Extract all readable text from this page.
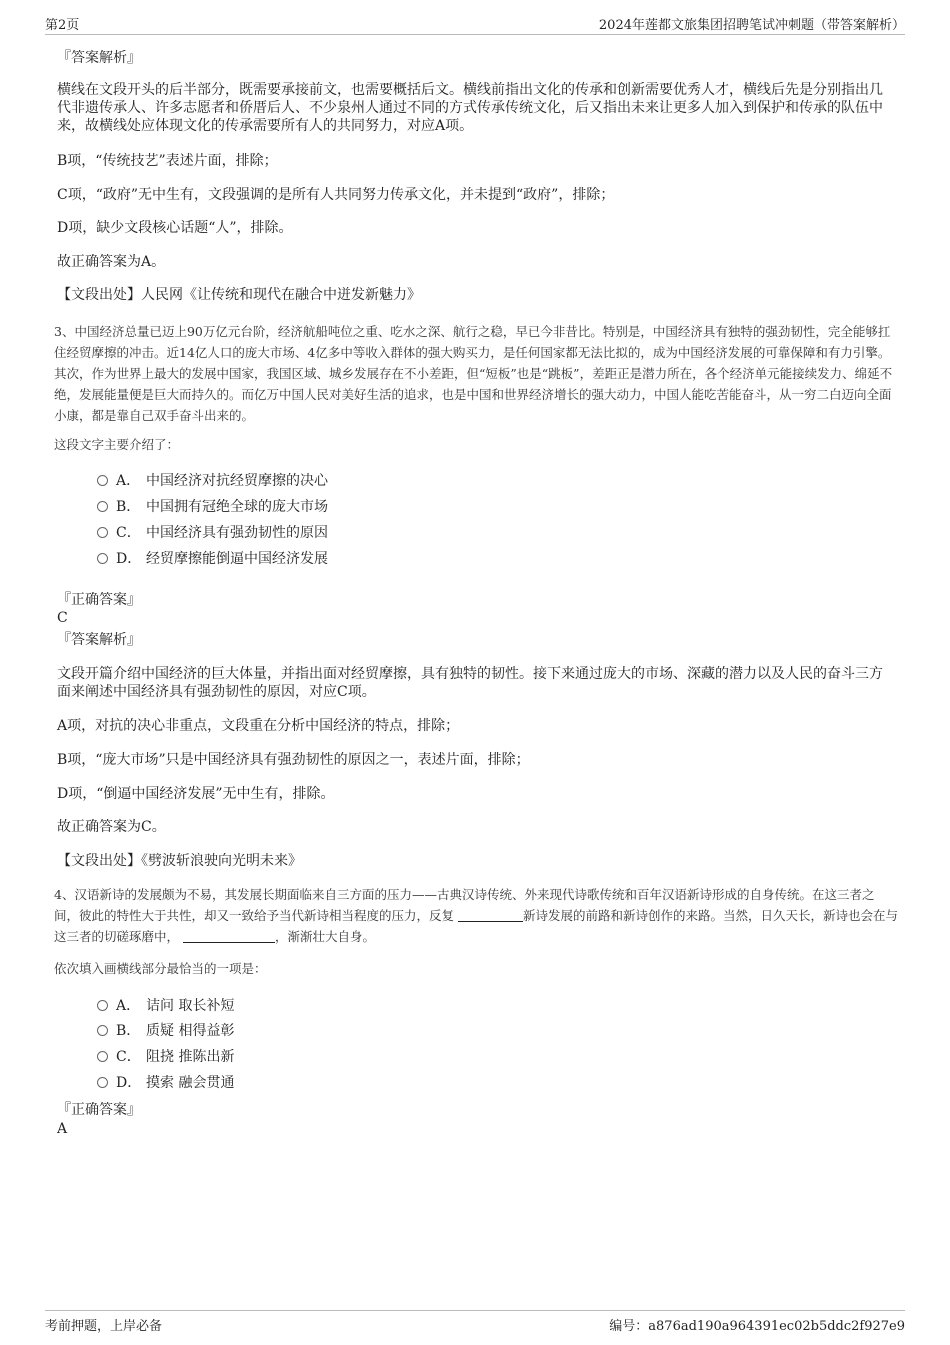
第2页	2024年莲都文旅集团招聘笔试冲刺题（带答案解析）
『答案解析』
横线在文段开头的后半部分，既需要承接前文，也需要概括后文。横线前指出文化的传承和创新需要优秀人才，横线后先是分别指出几代非遗传承人、许多志愿者和侨厝后人、不少泉州人通过不同的方式传承传统文化，后又指出未来让更多人加入到保护和传承的队伍中来，故横线处应体现文化的传承需要所有人的共同努力，对应A项。
B项，“传统技艺”表述片面，排除；
C项，“政府”无中生有，文段强调的是所有人共同努力传承文化，并未提到“政府”，排除；
D项，缺少文段核心话题“人”，排除。
故正确答案为A。
【文段出处】人民网《让传统和现代在融合中迸发新魅力》
3、中国经济总量已迈上90万亿元台阶，经济航船吨位之重、吃水之深、航行之稳，早已今非昔比。特别是，中国经济具有独特的强劲韧性，完全能够扛住经贸摩擦的冲击。近14亿人口的庞大市场、4亿多中等收入群体的强大购买力，是任何国家都无法比拟的，成为中国经济发展的可靠保障和有力引擎。其次，作为世界上最大的发展中国家，我国区域、城乡发展存在不小差距，但“短板”也是“跳板”，差距正是潜力所在，各个经济单元能接续发力、绵延不绝，发展能量便是巨大而持久的。而亿万中国人民对美好生活的追求，也是中国和世界经济增长的强大动力，中国人能吃苦能奋斗，从一穷二白迈向全面小康，都是靠自己双手奋斗出来的。
这段文字主要介绍了：
A． 中国经济对抗经贸摩擦的决心
B． 中国拥有冠绝全球的庞大市场
C． 中国经济具有强劲韧性的原因
D． 经贸摩擦能倒逼中国经济发展
『正确答案』
C
『答案解析』
文段开篇介绍中国经济的巨大体量，并指出面对经贸摩擦，具有独特的韧性。接下来通过庞大的市场、深藏的潜力以及人民的奋斗三方面来阐述中国经济具有强劲韧性的原因，对应C项。
A项，对抗的决心非重点，文段重在分析中国经济的特点，排除；
B项，“庞大市场”只是中国经济具有强劲韧性的原因之一，表述片面，排除；
D项，“倒逼中国经济发展”无中生有，排除。
故正确答案为C。
【文段出处】《劈波斩浪驶向光明未来》
4、汉语新诗的发展颇为不易，其发展长期面临来自三方面的压力——古典汉诗传统、外来现代诗歌传统和百年汉语新诗形成的自身传统。在这三者之间，彼此的特性大于共性，却又一致给予当代新诗相当程度的压力，反复	新诗发展的前路和新诗创作的来路。当然，日久天长，新诗也会在与这三者的切磋琢磨中，	，渐渐壮大自身。
依次填入画横线部分最恰当的一项是：
A． 诘问 取长补短
B． 质疑 相得益彰
C． 阻挠 推陈出新
D． 摸索 融会贯通
『正确答案』
A
考前押题，上岸必备	编号：a876ad190a964391ec02b5ddc2f927e9
